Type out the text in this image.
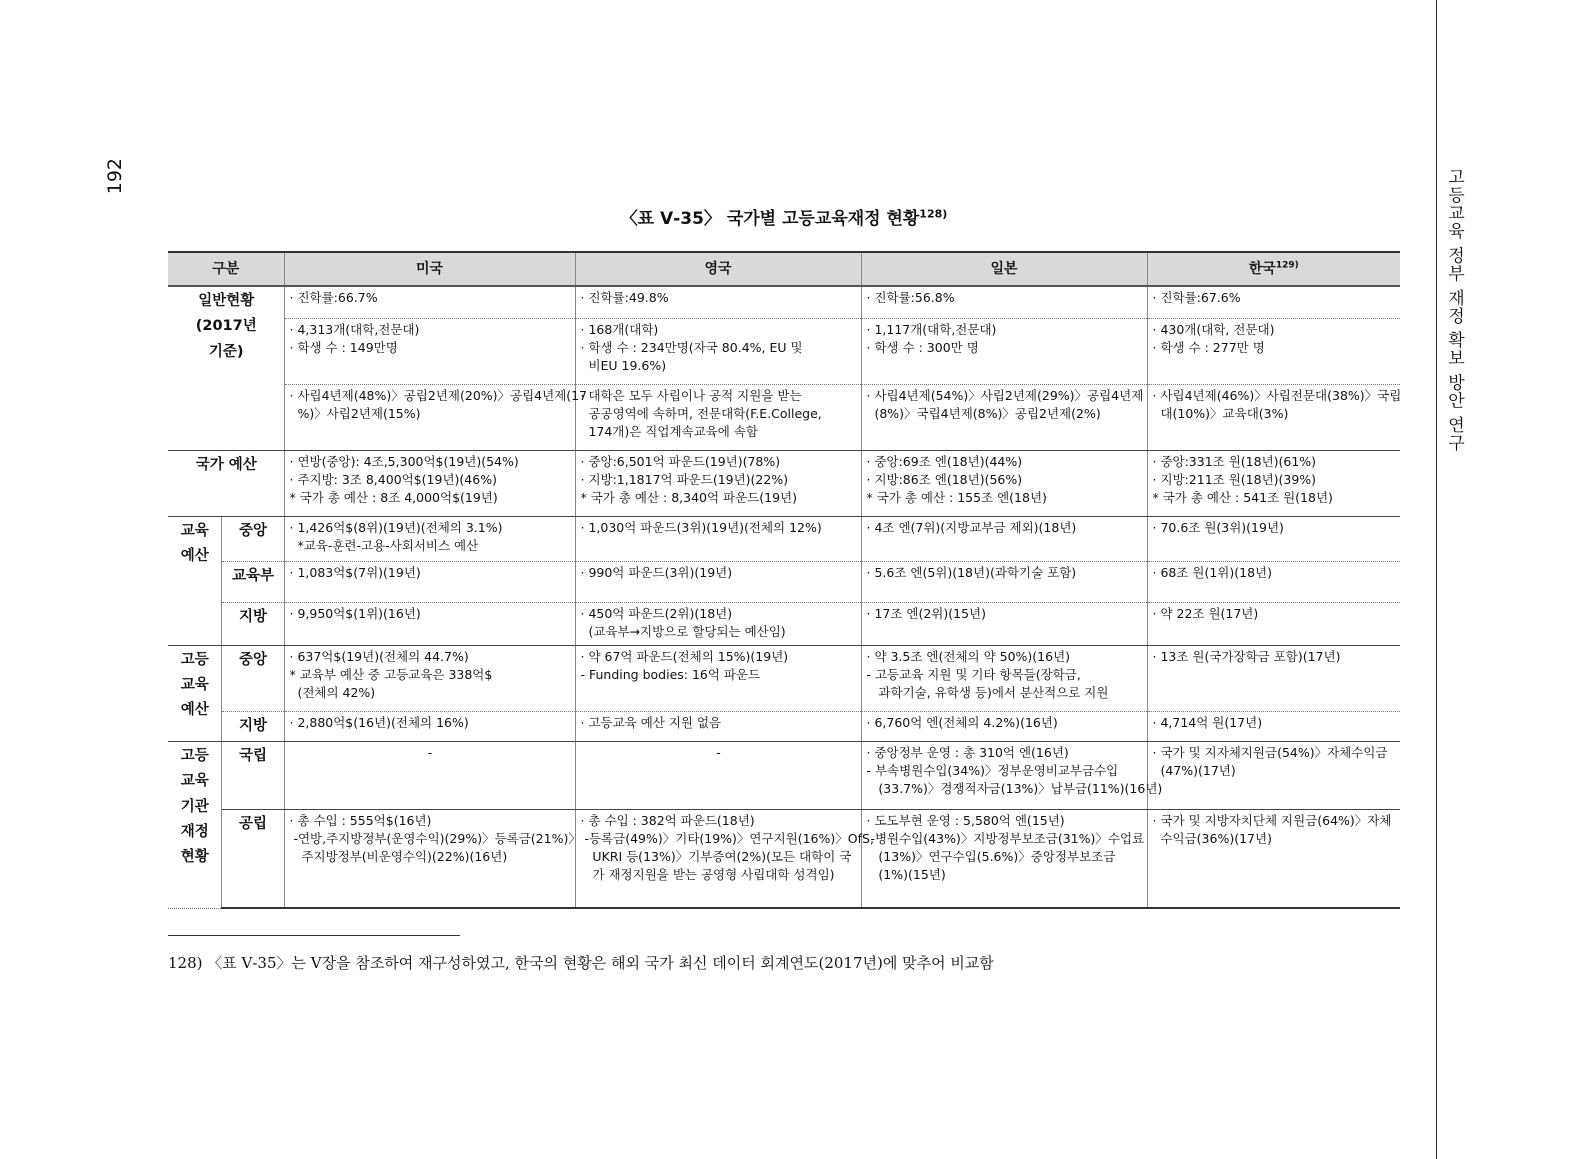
192	고등교육 정부 재정 확보 방안 연구
〈표 Ⅴ-35〉 국가별 고등교육재정 현황$^{128)}$
구분		미국	영국	일본	한국$^{129)}$

일반현황
(2017년
기준)		· 진학률:66.7%	· 진학률:49.8%	· 진학률:56.8%	· 진학률:67.6%

		· 4,313개(대학,전문대)
· 학생 수 : 149만명	· 168개(대학)
· 학생 수 : 234만명(자국 80.4%, EU 및
비EU 19.6%)	· 1,117개(대학,전문대)
· 학생 수 : 300만 명	· 430개(대학, 전문대)
· 학생 수 : 277만 명

		· 사립4년제(48%)〉공립2년제(20%)〉공립4년제(17
%)〉사립2년제(15%)	· 대학은 모두 사립이나 공적 지원을 받는
공공영역에 속하며, 전문대학(F.E.College,
174개)은 직업계속교육에 속함	· 사립4년제(54%)〉사립2년제(29%)〉공립4년제
(8%)〉국립4년제(8%)〉공립2년제(2%)	· 사립4년제(46%)〉사립전문대(38%)〉국립
대(10%)〉교육대(3%)

국가 예산		· 연방(중앙): 4조,5,300억$(19년)(54%)
· 주지방: 3조 8,400억$(19년)(46%)
* 국가 총 예산 : 8조 4,000억$(19년)	· 중앙:6,501억 파운드(19년)(78%)
· 지방:1,1817억 파운드(19년)(22%)
* 국가 총 예산 : 8,340억 파운드(19년)	· 중앙:69조 엔(18년)(44%)
· 지방:86조 엔(18년)(56%)
* 국가 총 예산 : 155조 엔(18년)	· 중앙:331조 원(18년)(61%)
· 지방:211조 원(18년)(39%)
* 국가 총 예산 : 541조 원(18년)

교육
예산	중앙	· 1,426억$(8위)(19년)(전체의 3.1%)
*교육-훈련-고용-사회서비스 예산	· 1,030억 파운드(3위)(19년)(전체의 12%)	· 4조 엔(7위)(지방교부금 제외)(18년)	· 70.6조 원(3위)(19년)

	교육부	· 1,083억$(7위)(19년)	· 990억 파운드(3위)(19년)	· 5.6조 엔(5위)(18년)(과학기술 포함)	· 68조 원(1위)(18년)

	지방	· 9,950억$(1위)(16년)	· 450억 파운드(2위)(18년)
(교육부→지방으로 할당되는 예산임)	· 17조 엔(2위)(15년)	· 약 22조 원(17년)

고등
교육
예산	중앙	· 637억$(19년)(전체의 44.7%)
* 교육부 예산 중 고등교육은 338억$
(전체의 42%)	· 약 67억 파운드(전체의 15%)(19년)
- Funding bodies: 16억 파운드	· 약 3.5조 엔(전체의 약 50%)(16년)
- 고등교육 지원 및 기타 항목들(장학금,
과학기술, 유학생 등)에서 분산적으로 지원	· 13조 원(국가장학금 포함)(17년)

	지방	· 2,880억$(16년)(전체의 16%)	· 고등교육 예산 지원 없음	· 6,760억 엔(전체의 4.2%)(16년)	· 4,714억 원(17년)

고등
교육
기관
재정
현황	국립	-	-	· 중앙정부 운영 : 총 310억 엔(16년)
- 부속병원수입(34%)〉정부운영비교부금수입
(33.7%)〉경쟁적자금(13%)〉납부금(11%)(16년)	· 국가 및 지자체지원금(54%)〉자체수익금
(47%)(17년)

	공립	· 총 수입 : 555억$(16년)
-연방,주지방정부(운영수익)(29%)〉등록금(21%)〉
주지방정부(비운영수익)(22%)(16년)	· 총 수입 : 382억 파운드(18년)
-등록금(49%)〉기타(19%)〉연구지원(16%)〉OfS,
UKRI 등(13%)〉기부증여(2%)(모든 대학이 국
가 재정지원을 받는 공영형 사립대학 성격임)	· 도도부현 운영 : 5,580억 엔(15년)
-병원수입(43%)〉지방정부보조금(31%)〉수업료
(13%)〉연구수입(5.6%)〉중앙정부보조금
(1%)(15년)	· 국가 및 지방자치단체 지원금(64%)〉자체
수익금(36%)(17년)
128) 〈표 Ⅴ-35〉는 Ⅴ장을 참조하여 재구성하였고, 한국의 현황은 해외 국가 최신 데이터 회계연도(2017년)에 맞추어 비교함
